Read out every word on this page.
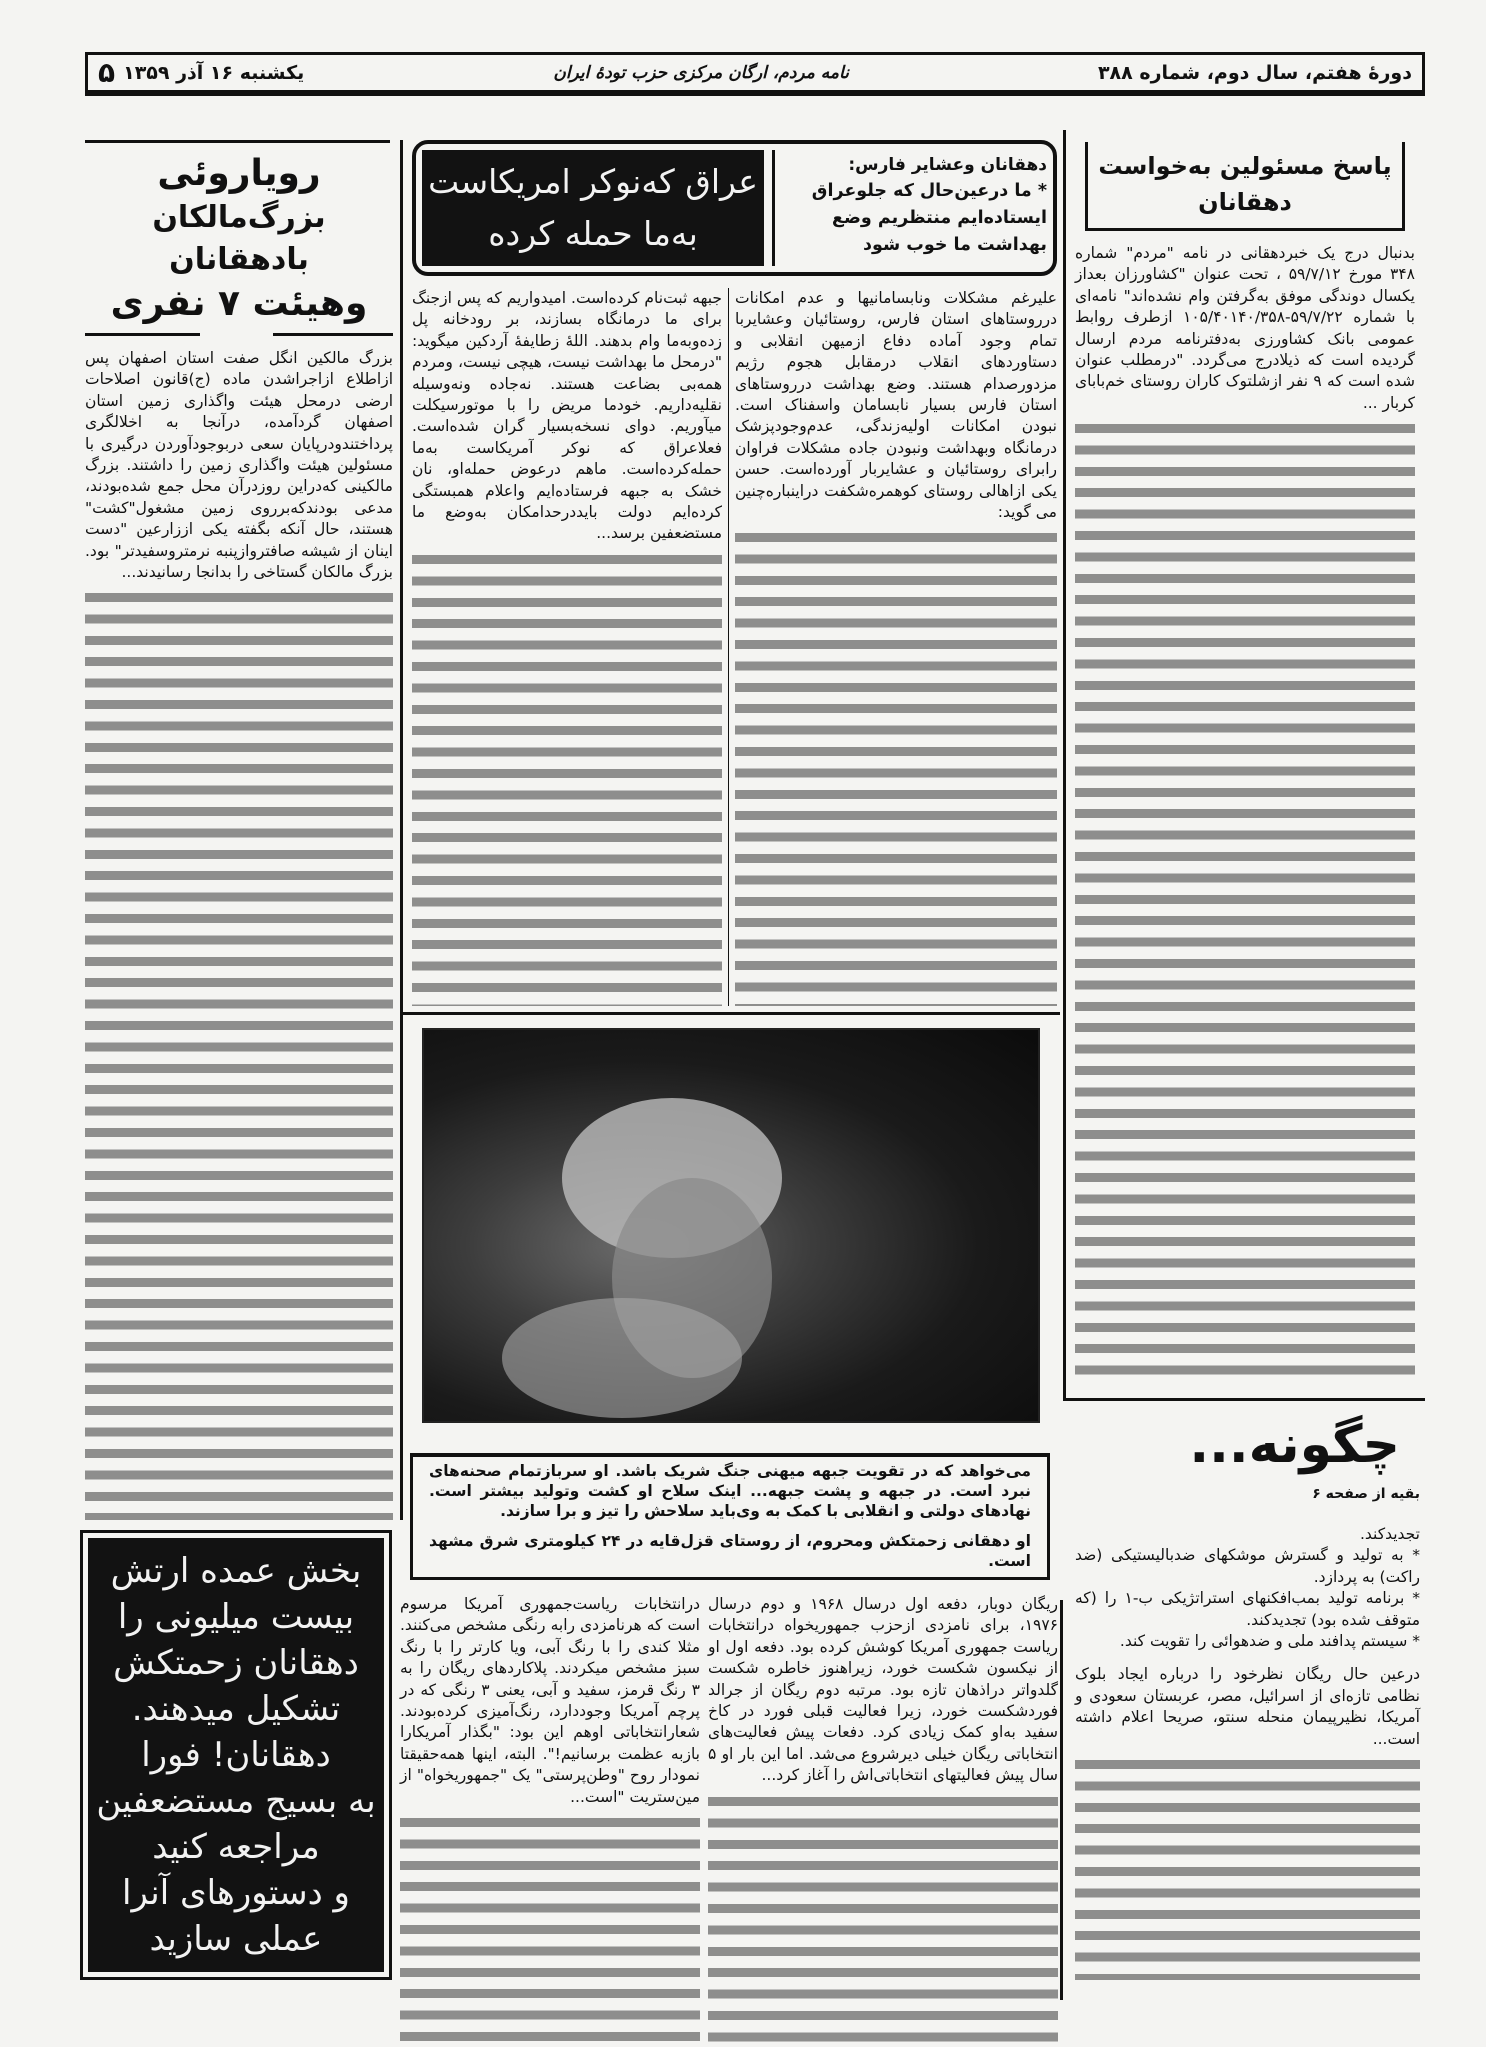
یکشنبه ۱۶ آذر ۱۳۵۹
۵	نامه مردم، ارگان مرکزی حزب تودهٔ ایران	دورهٔ هفتم، سال دوم، شماره ۳۸۸
پاسخ مسئولین به‌خواست دهقانان
بدنبال درج یک خبردهقانی در نامه "مردم" شماره ۳۴۸ مورخ ۵۹/۷/۱۲ ، تحت عنوان "کشاورزان بعداز یکسال دوندگی موفق به‌گرفتن وام نشده‌اند" نامه‌ای با شماره ۵۹/۷/۲۲-۱۰۵/۴۰۱۴۰/۳۵۸ ازطرف روابط عمومی بانک کشاورزی به‌دفترنامه مردم ارسال گردیده است که ذیلادرج می‌گردد. "درمطلب عنوان شده است که ۹ نفر ازشلتوک کاران روستای خم‌بابای کربار ...
عراق که‌نوکر امریکاست
به‌ما حمله کرده
دهقانان وعشایر فارس:
* ما درعین‌حال که جلوعراق ایستاده‌ایم منتظریم وضع بهداشت ما خوب شود
جبهه ثبت‌نام کرده‌است. امیدواریم که پس ازجنگ برای ما درمانگاه بسازند، بر رودخانه پل زده‌وبه‌ما وام بدهند. اللهٔ زطایفهٔ آردکین میگوید: "درمحل ما بهداشت نیست، هیچی نیست، ومردم همه‌بی بضاعت هستند. نه‌جاده ونه‌وسیله نقلیه‌داریم. خودما مریض را با موتورسیکلت میآوریم. دوای نسخه‌بسیار گران شده‌است. فعلاعراق که نوکر آمریکاست به‌ما حمله‌کرده‌است. ماهم درعوض حمله‌او، نان خشک به جبهه فرستاده‌ایم واعلام همبستگی کرده‌ایم دولت بایددرحدامکان به‌وضع ما مستضعفین برسد...
علیرغم مشکلات ونابسامانیها و عدم امکانات درروستاهای استان فارس، روستائیان وعشایربا تمام وجود آماده دفاع ازمیهن انقلابی و دستاوردهای انقلاب درمقابل هجوم رژیم مزدورصدام هستند. وضع بهداشت درروستاهای استان فارس بسیار نابسامان واسفناک است. نبودن امکانات اولیه‌زندگی، عدم‌وجودپزشک درمانگاه وبهداشت ونبودن جاده مشکلات فراوان رابرای روستائیان و عشایربار آورده‌است. حسن یکی ازاهالی روستای کوهمره‌شکفت دراینباره‌چنین می گوید:
می‌خواهد که در تقویت جبهه میهنی جنگ شریک باشد. او سربازتمام صحنه‌های نبرد است. در جبهه و پشت جبهه... اینک سلاح او کشت وتولید بیشتر است. نهادهای دولتی و انقلابی با کمک به وی‌باید سلاحش را تیز و برا سازند.
او دهقانی زحمتکش ومحروم، از روستای قزل‌قایه در ۲۴ کیلومتری شرق مشهد است.
درانتخابات ریاست‌جمهوری آمریکا مرسوم است که هرنامزدی رابه رنگی مشخص می‌کنند. مثلا کندی را با رنگ آبی، ویا کارتر را با رنگ سبز مشخص میکردند. پلاکاردهای ریگان را به ۳ رنگ قرمز، سفید و آبی، یعنی ۳ رنگی که در پرچم آمریکا وجوددارد، رنگ‌آمیزی کرده‌بودند. شعارانتخاباتی اوهم این بود: "بگذار آمریکارا بازبه عظمت برسانیم!". البته، اینها همه‌حقیقتا نمودار روح "وطن‌پرستی" یک "جمهوریخواه" از مین‌ستریت "است...
ریگان دوبار، دفعه اول درسال ۱۹۶۸ و دوم درسال ۱۹۷۶، برای نامزدی ازحزب جمهوریخواه درانتخابات ریاست جمهوری آمریکا کوشش کرده بود. دفعه اول او از نیکسون شکست خورد، زیراهنوز خاطره شکست گلدواتر دراذهان تازه بود. مرتبه دوم ریگان از جرالد فوردشکست خورد، زیرا فعالیت قبلی فورد در کاخ سفید به‌او کمک زیادی کرد. دفعات پیش فعالیت‌های انتخاباتی ریگان خیلی دیرشروع می‌شد. اما این بار او ۵ سال پیش فعالیتهای انتخاباتی‌اش را آغاز کرد...
رویاروئی
بزرگ‌مالکان بادهقانان
وهیئت ۷ نفری
بزرگ مالکین انگل صفت استان اصفهان پس ازاطلاع ازاجراشدن ماده (ج)قانون اصلاحات ارضی درمحل هیئت واگذاری زمین استان اصفهان گردآمده، درآنجا به اخلالگری پرداختندودرپایان سعی دربوجودآوردن درگیری با مسئولین هیئت واگذاری زمین را داشتند. بزرگ مالکینی که‌دراین روزدرآن محل جمع شده‌بودند، مدعی بودندکه‌برروی زمین مشغول"کشت" هستند، حال آنکه بگفته یکی اززارعین "دست اینان از شیشه صافتروازپنبه نرمتروسفیدتر" بود. بزرگ مالکان گستاخی را بدانجا رسانیدند...
بخش عمده ارتش
بیست میلیونی را
دهقانان زحمتکش
تشکیل میدهند.
دهقانان! فورا
به بسیج مستضعفین
مراجعه کنید
و دستورهای آنرا
عملی سازید
چگونه...
بقیه از صفحه ۶
تجدیدکند.
* به تولید و گسترش موشکهای ضدبالیستیکی (ضد راکت) به پردازد.
* برنامه تولید بمب‌افکنهای استراتژیکی ب-۱ را (که متوقف شده بود) تجدیدکند.
* سیستم پدافند ملی و ضدهوائی را تقویت کند.
درعین حال ریگان نظرخود را درباره ایجاد بلوک نظامی تازه‌ای از اسرائیل، مصر، عربستان سعودی و آمریکا، نظیرپیمان منحله سنتو، صریحا اعلام داشته است...
